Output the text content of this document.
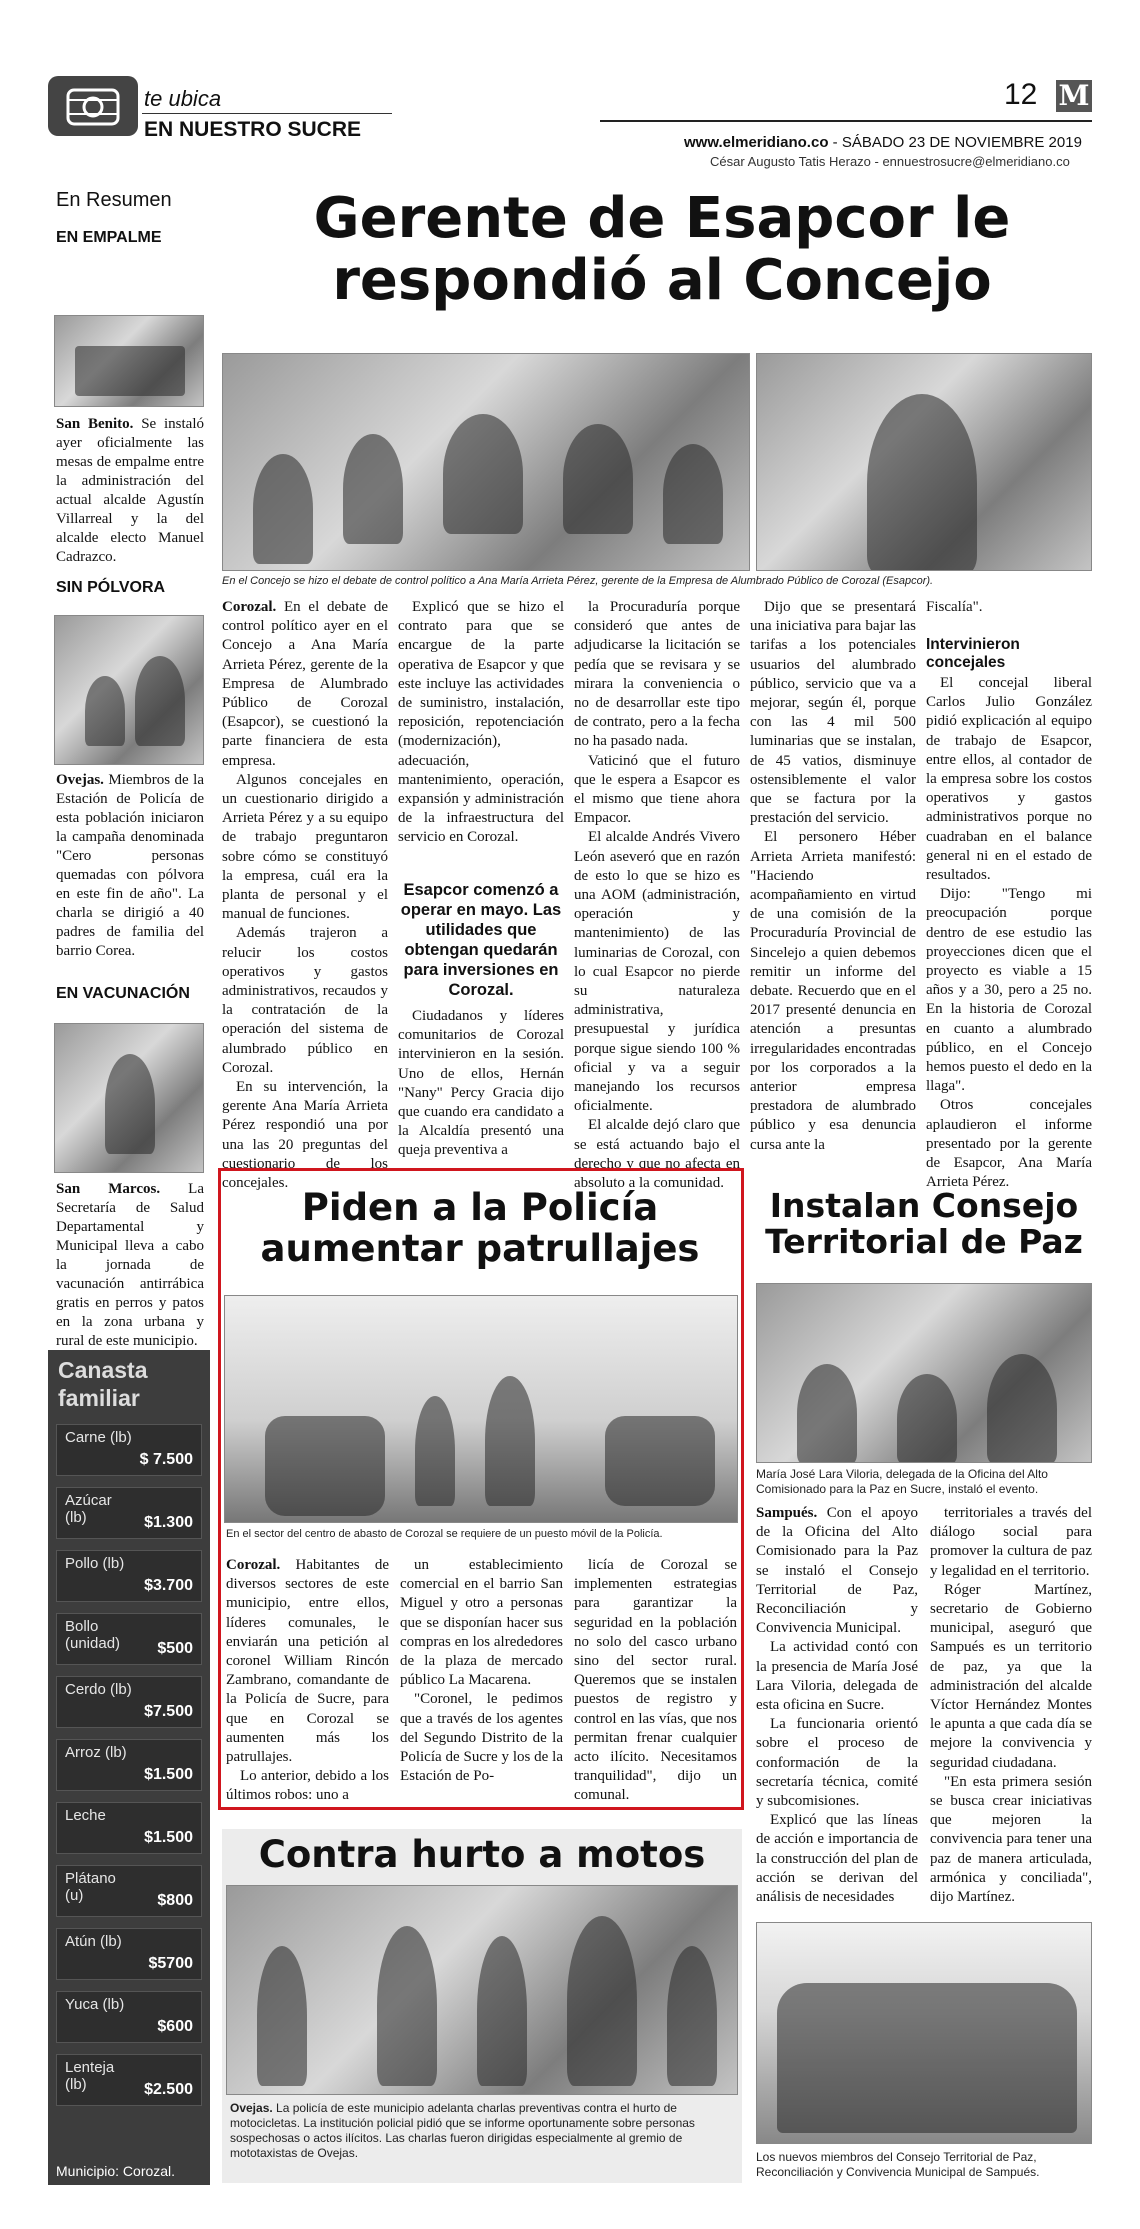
te ubica
EN NUESTRO SUCRE
12 M
www.elmeridiano.co - SÁBADO 23 DE NOVIEMBRE 2019
César Augusto Tatis Herazo - ennuestrosucre@elmeridiano.co
En Resumen
EN EMPALME
San Benito. Se instaló ayer oficialmente las mesas de empalme entre la administración del actual alcalde Agustín Villarreal y la del alcalde electo Manuel Cadrazco.
SIN PÓLVORA
Ovejas. Miembros de la Estación de Policía de esta población iniciaron la campaña denominada "Cero personas quemadas con pólvora en este fin de año". La charla se dirigió a 40 padres de familia del barrio Corea.
EN VACUNACIÓN
San Marcos. La Secretaría de Salud Departamental y Municipal lleva a cabo la jornada de vacunación antirrábica gratis en perros y patos en la zona urbana y rural de este municipio.
Canasta familiar
Carne (lb)
$ 7.500
Azúcar (lb)	$1.300
Pollo (lb)
$3.700
Bollo (unidad)	$500
Cerdo (lb)
$7.500
Arroz (lb)
$1.500
Leche
$1.500
Plátano (u)	$800
Atún (lb)
$5700
Yuca (lb)
$600
Lenteja (lb)	$2.500
Municipio: Corozal.
Gerente de Esapcor le respondió al Concejo
En el Concejo se hizo el debate de control político a Ana María Arrieta Pérez, gerente de la Empresa de Alumbrado Público de Corozal (Esapcor).

Corozal. En el debate de control político ayer en el Concejo a Ana María Arrieta Pérez, gerente de la Empresa de Alumbrado Público de Corozal (Esapcor), se cuestionó la parte financiera de esta empresa.

Algunos concejales en un cuestionario dirigido a Arrieta Pérez y a su equipo de trabajo preguntaron sobre cómo se constituyó la empresa, cuál era la planta de personal y el manual de funciones.

Además trajeron a relucir los costos operativos y gastos administrativos, recaudos y la contratación de la operación del sistema de alumbrado público en Corozal.

En su intervención, la gerente Ana María Arrieta Pérez respondió una por una las 20 preguntas del cuestionario de los concejales.

Explicó que se hizo el contrato para que se encargue de la parte operativa de Esapcor y que este incluye las actividades de suministro, instalación, reposición, repotenciación (modernización), adecuación, mantenimiento, operación, expansión y administración de la infraestructura del servicio en Corozal.

Esapcor comenzó a operar en mayo. Las utilidades que obtengan quedarán para inversiones en Corozal.

Ciudadanos y líderes comunitarios de Corozal intervinieron en la sesión. Uno de ellos, Hernán "Nany" Percy Gracia dijo que cuando era candidato a la Alcaldía presentó una queja preventiva a

la Procuraduría porque consideró que antes de adjudicarse la licitación se pedía que se revisara y se mirara la conveniencia o no de desarrollar este tipo de contrato, pero a la fecha no ha pasado nada.

Vaticinó que el futuro que le espera a Esapcor es el mismo que tiene ahora Empacor.

El alcalde Andrés Vivero León aseveró que en razón de esto lo que se hizo es una AOM (administración, operación y mantenimiento) de las luminarias de Corozal, con lo cual Esapcor no pierde su naturaleza administrativa, presupuestal y jurídica porque sigue siendo 100 % oficial y va a seguir manejando los recursos oficialmente.

El alcalde dejó claro que se está actuando bajo el derecho y que no afecta en absoluto a la comunidad.

Dijo que se presentará una iniciativa para bajar las tarifas a los potenciales usuarios del alumbrado público, servicio que va a mejorar, según él, porque con las 4 mil 500 luminarias que se instalan, de 45 vatios, disminuye ostensiblemente el valor que se factura por la prestación del servicio.

El personero Héber Arrieta Arrieta manifestó: "Haciendo acompañamiento en virtud de una comisión de la Procuraduría Provincial de Sincelejo a quien debemos remitir un informe del debate. Recuerdo que en el 2017 presenté denuncia en atención a presuntas irregularidades encontradas por los corporados a la anterior empresa prestadora de alumbrado público y esa denuncia cursa ante la

Fiscalía".

Intervinieron concejales

El concejal liberal Carlos Julio González pidió explicación al equipo de trabajo de Esapcor, entre ellos, al contador de la empresa sobre los costos operativos y gastos administrativos porque no cuadraban en el balance general ni en el estado de resultados.

Dijo: "Tengo mi preocupación porque dentro de ese estudio las proyecciones dicen que el proyecto es viable a 15 años y a 30, pero a 25 no. En la historia de Corozal en cuanto a alumbrado público, en el Concejo hemos puesto el dedo en la llaga".

Otros concejales aplaudieron el informe presentado por la gerente de Esapcor, Ana María Arrieta Pérez.

Piden a la Policía aumentar patrullajes
En el sector del centro de abasto de Corozal se requiere de un puesto móvil de la Policía.

Corozal. Habitantes de diversos sectores de este municipio, entre ellos, líderes comunales, le enviarán una petición al coronel William Rincón Zambrano, comandante de la Policía de Sucre, para que en Corozal se aumenten más los patrullajes.

Lo anterior, debido a los últimos robos: uno a

un establecimiento comercial en el barrio San Miguel y otro a personas que se disponían hacer sus compras en los alrededores de la plaza de mercado público La Macarena.

"Coronel, le pedimos que a través de los agentes del Segundo Distrito de la Policía de Sucre y los de la Estación de Po-

licía de Corozal se implementen estrategias para garantizar la seguridad en la población no solo del casco urbano sino del sector rural. Queremos que se instalen puestos de registro y control en las vías, que nos permitan frenar cualquier acto ilícito. Necesitamos tranquilidad", dijo un comunal.

Contra hurto a motos
Ovejas. La policía de este municipio adelanta charlas preventivas contra el hurto de motocicletas. La institución policial pidió que se informe oportunamente sobre personas sospechosas o actos ilícitos. Las charlas fueron dirigidas especialmente al gremio de mototaxistas de Ovejas.
Instalan Consejo Territorial de Paz
María José Lara Viloria, delegada de la Oficina del Alto Comisionado para la Paz en Sucre, instaló el evento.

Sampués. Con el apoyo de la Oficina del Alto Comisionado para la Paz se instaló el Consejo Territorial de Paz, Reconciliación y Convivencia Municipal.

La actividad contó con la presencia de María José Lara Viloria, delegada de esta oficina en Sucre.

La funcionaria orientó sobre el proceso de conformación de la secretaría técnica, comité y subcomisiones.

Explicó que las líneas de acción e importancia de la construcción del plan de acción se derivan del análisis de necesidades

territoriales a través del diálogo social para promover la cultura de paz y legalidad en el territorio.

Róger Martínez, secretario de Gobierno municipal, aseguró que Sampués es un territorio de paz, ya que la administración del alcalde Víctor Hernández Montes le apunta a que cada día se mejore la convivencia y seguridad ciudadana.

"En esta primera sesión se busca crear iniciativas que mejoren la convivencia para tener una paz de manera articulada, armónica y conciliada", dijo Martínez.

Los nuevos miembros del Consejo Territorial de Paz, Reconciliación y Convivencia Municipal de Sampués.
